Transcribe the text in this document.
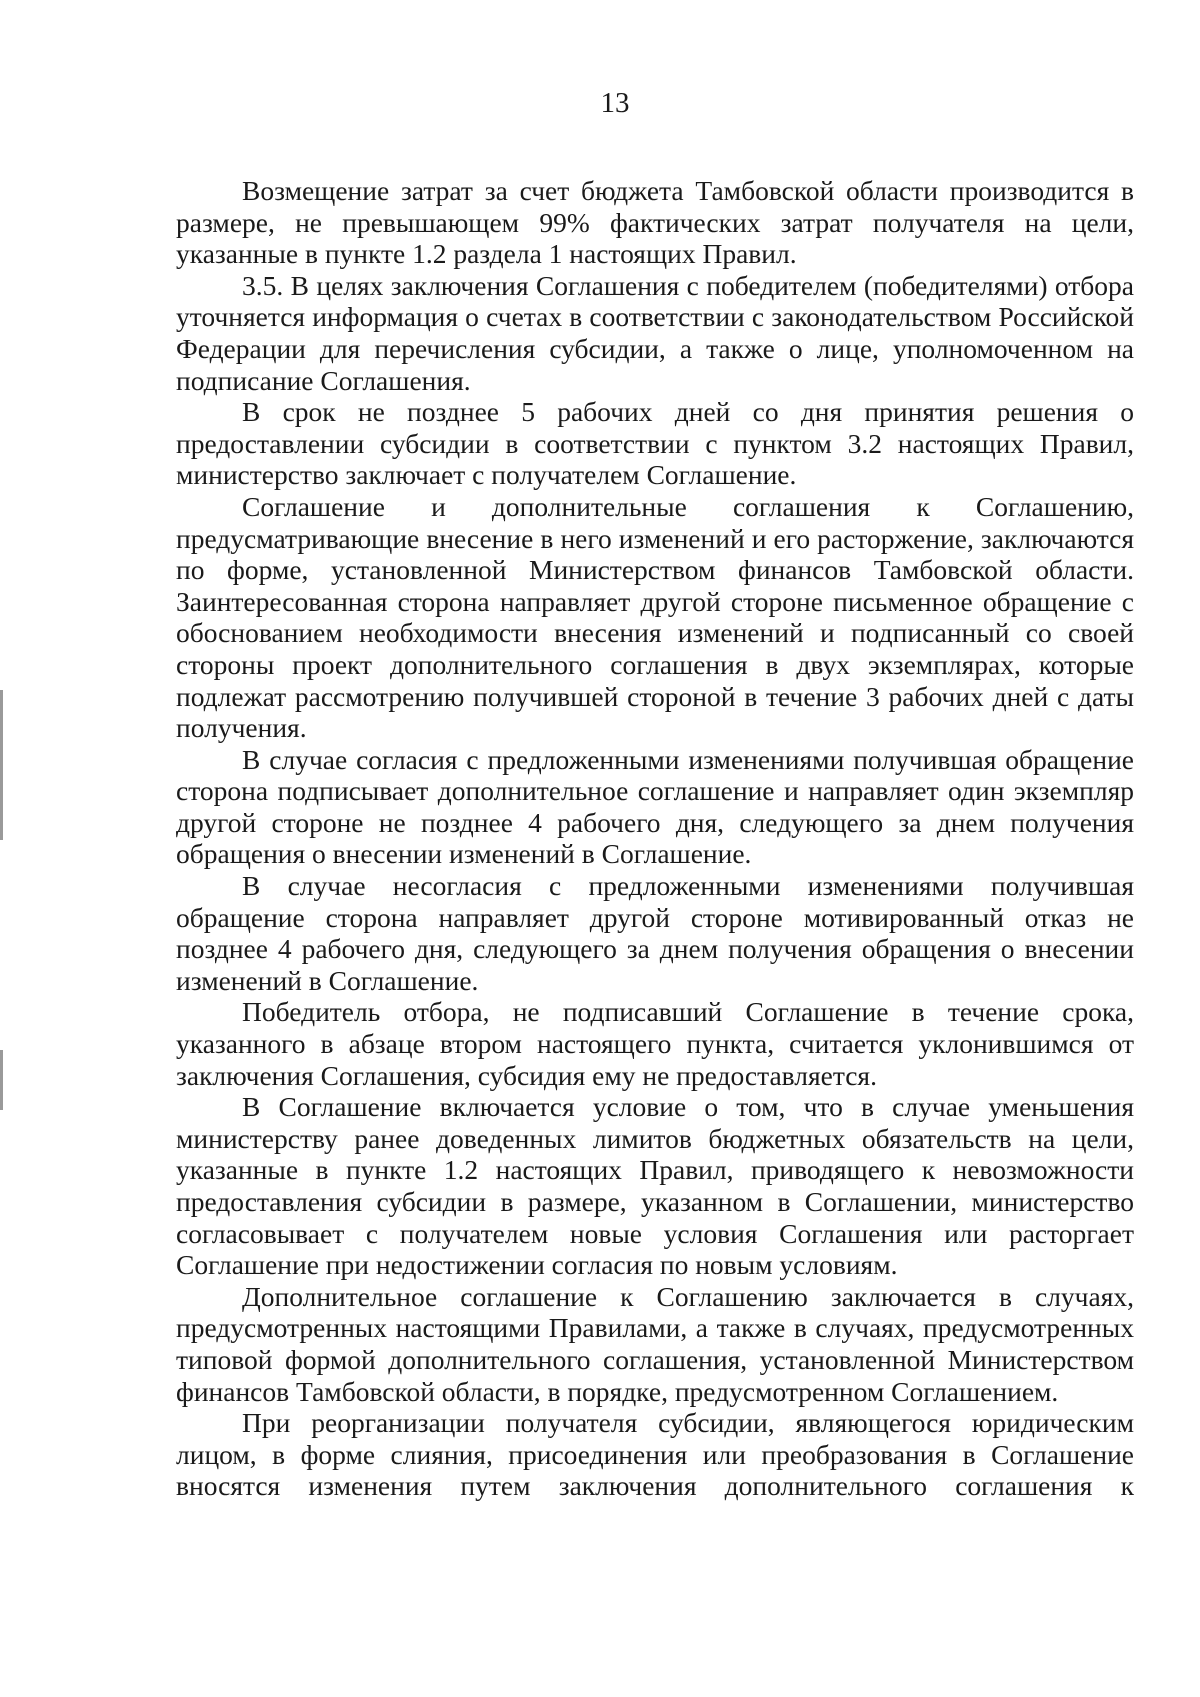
13

Возмещение затрат за счет бюджета Тамбовской области производится в размере, не превышающем 99% фактических затрат получателя на цели, указанные в пункте 1.2 раздела 1 настоящих Правил.

3.5. В целях заключения Соглашения с победителем (победителями) отбора уточняется информация о счетах в соответствии с законодательством Российской Федерации для перечисления субсидии, а также о лице, уполномоченном на подписание Соглашения.

В срок не позднее 5 рабочих дней со дня принятия решения о предоставлении субсидии в соответствии с пунктом 3.2 настоящих Правил, министерство заключает с получателем Соглашение.

Соглашение и дополнительные соглашения к Соглашению, предусматривающие внесение в него изменений и его расторжение, заключаются по форме, установленной Министерством финансов Тамбовской области. Заинтересованная сторона направляет другой стороне письменное обращение с обоснованием необходимости внесения изменений и подписанный со своей стороны проект дополнительного соглашения в двух экземплярах, которые подлежат рассмотрению получившей стороной в течение 3 рабочих дней с даты получения.

В случае согласия с предложенными изменениями получившая обращение сторона подписывает дополнительное соглашение и направляет один экземпляр другой стороне не позднее 4 рабочего дня, следующего за днем получения обращения о внесении изменений в Соглашение.

В случае несогласия с предложенными изменениями получившая обращение сторона направляет другой стороне мотивированный отказ не позднее 4 рабочего дня, следующего за днем получения обращения о внесении изменений в Соглашение.

Победитель отбора, не подписавший Соглашение в течение срока, указанного в абзаце втором настоящего пункта, считается уклонившимся от заключения Соглашения, субсидия ему не предоставляется.

В Соглашение включается условие о том, что в случае уменьшения министерству ранее доведенных лимитов бюджетных обязательств на цели, указанные в пункте 1.2 настоящих Правил, приводящего к невозможности предоставления субсидии в размере, указанном в Соглашении, министерство согласовывает с получателем новые условия Соглашения или расторгает Соглашение при недостижении согласия по новым условиям.

Дополнительное соглашение к Соглашению заключается в случаях, предусмотренных настоящими Правилами, а также в случаях, предусмотренных типовой формой дополнительного соглашения, установленной Министерством финансов Тамбовской области, в порядке, предусмотренном Соглашением.

При реорганизации получателя субсидии, являющегося юридическим лицом, в форме слияния, присоединения или преобразования в Соглашение вносятся изменения путем заключения дополнительного соглашения к
